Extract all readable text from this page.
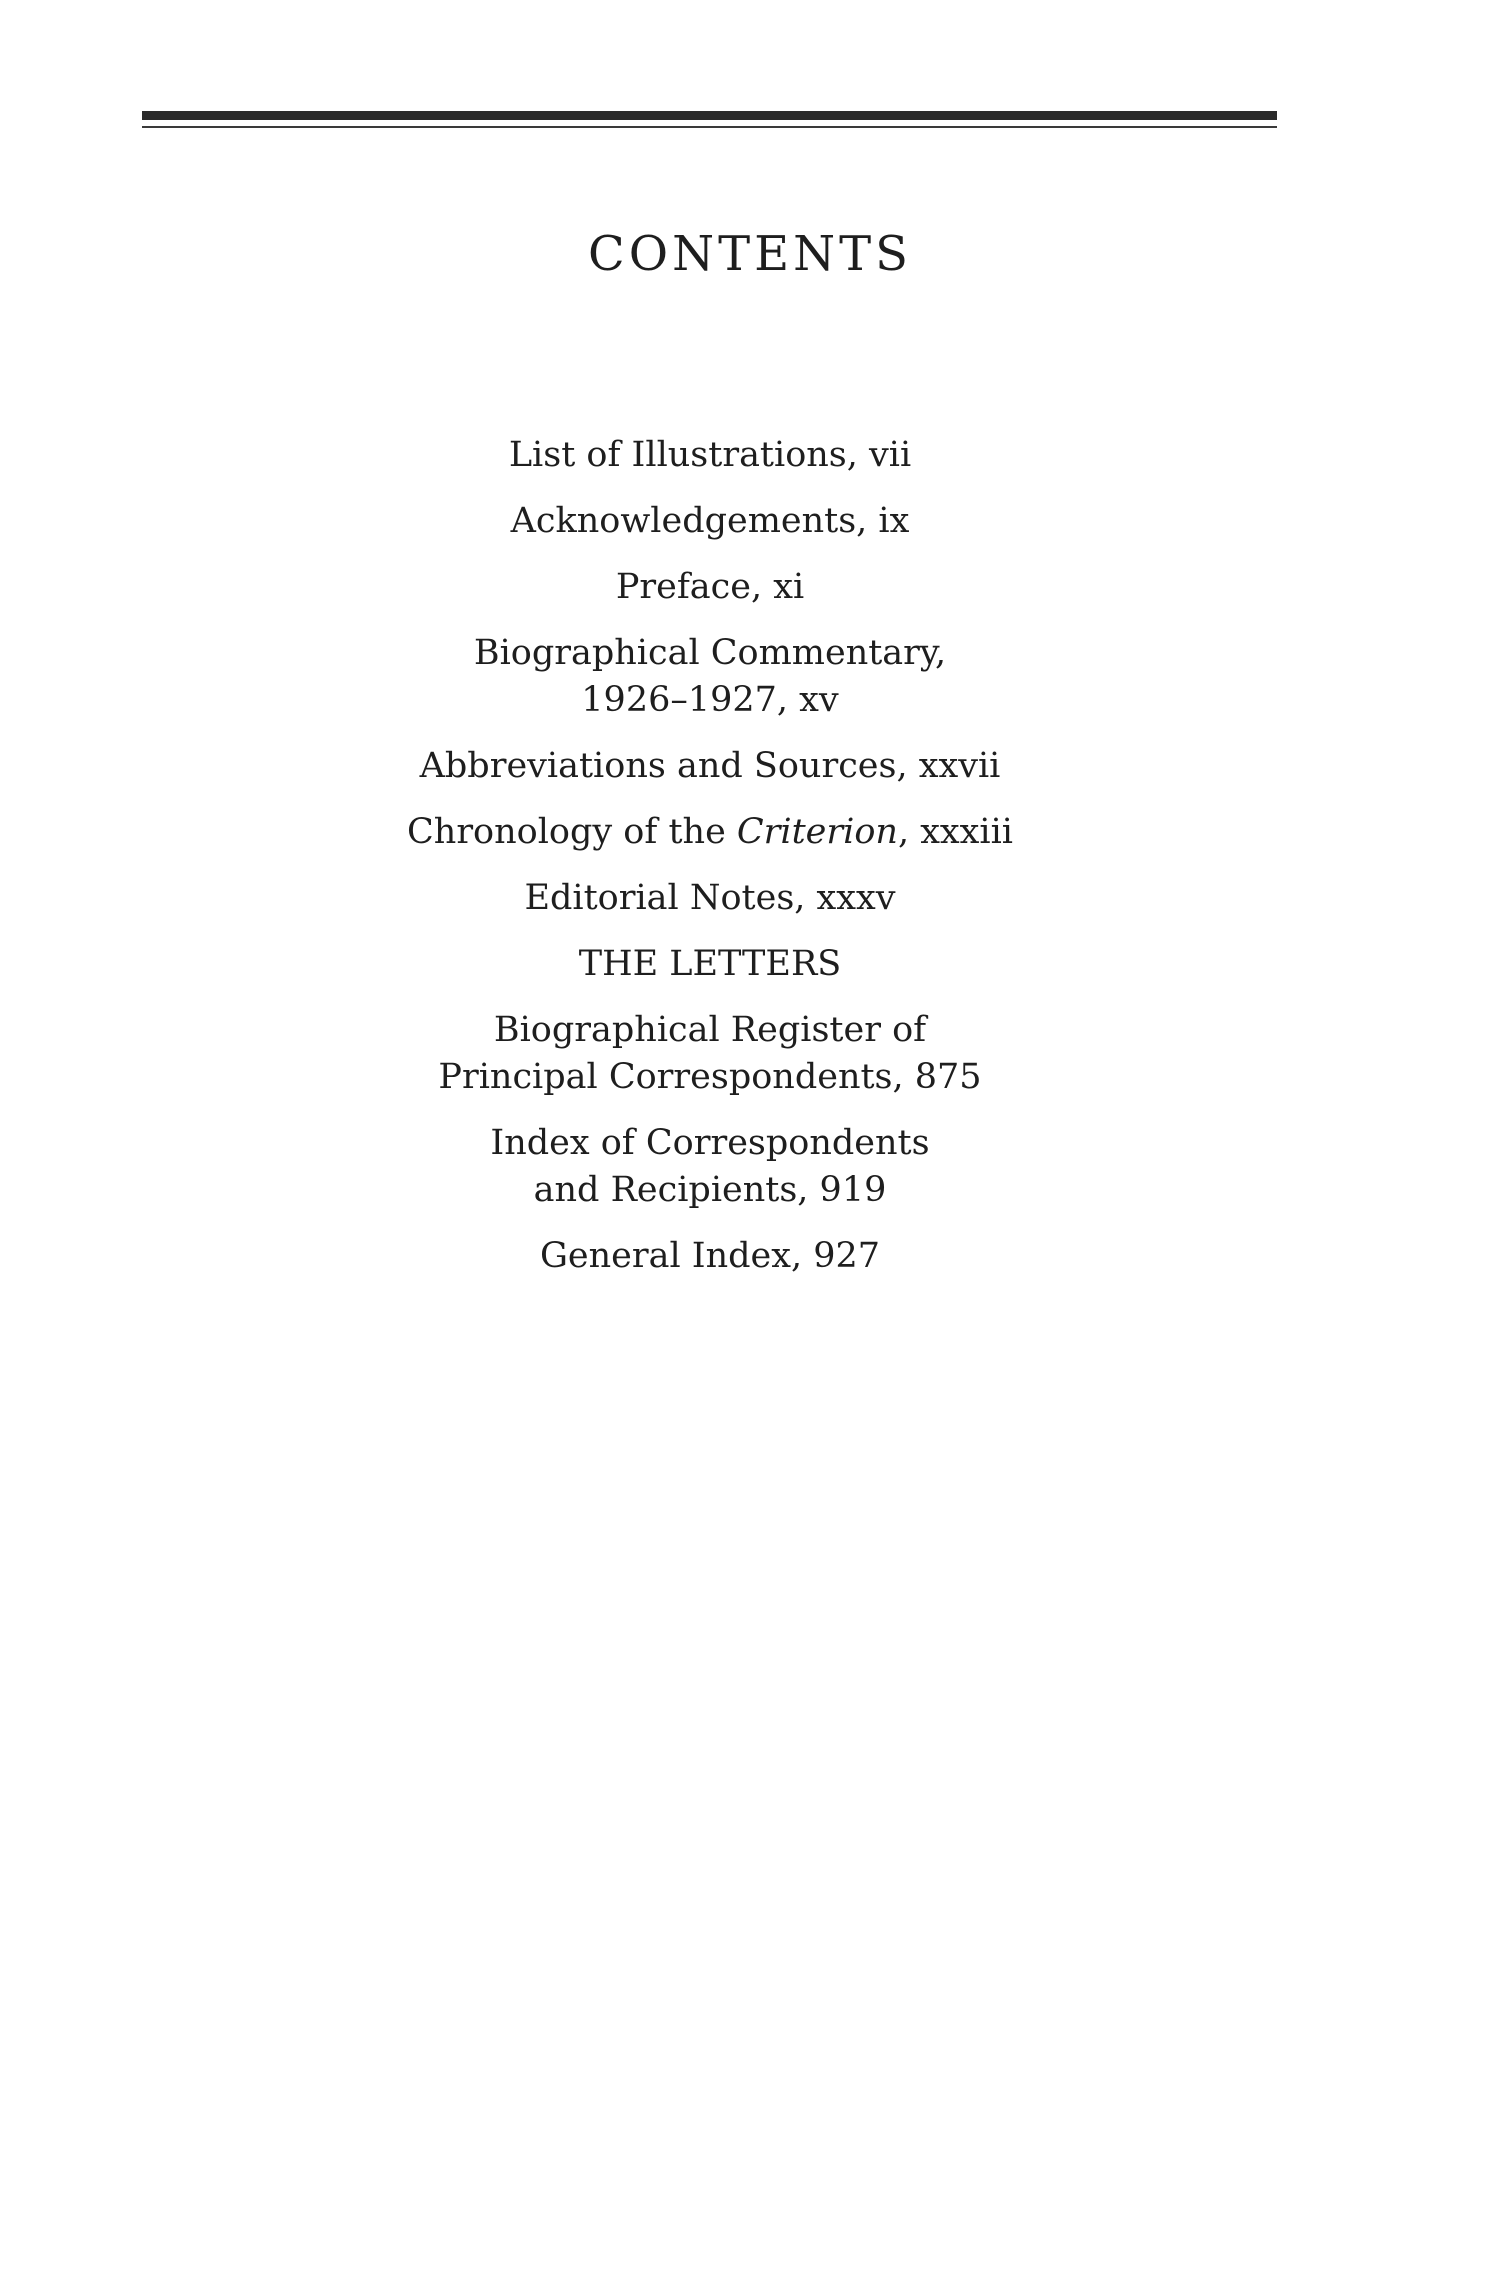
CONTENTS
List of Illustrations, vii
Acknowledgements, ix
Preface, xi
Biographical Commentary,
1926–1927, xv
Abbreviations and Sources, xxvii
Chronology of the Criterion, xxxiii
Editorial Notes, xxxv
THE LETTERS
Biographical Register of
Principal Correspondents, 875
Index of Correspondents
and Recipients, 919
General Index, 927
